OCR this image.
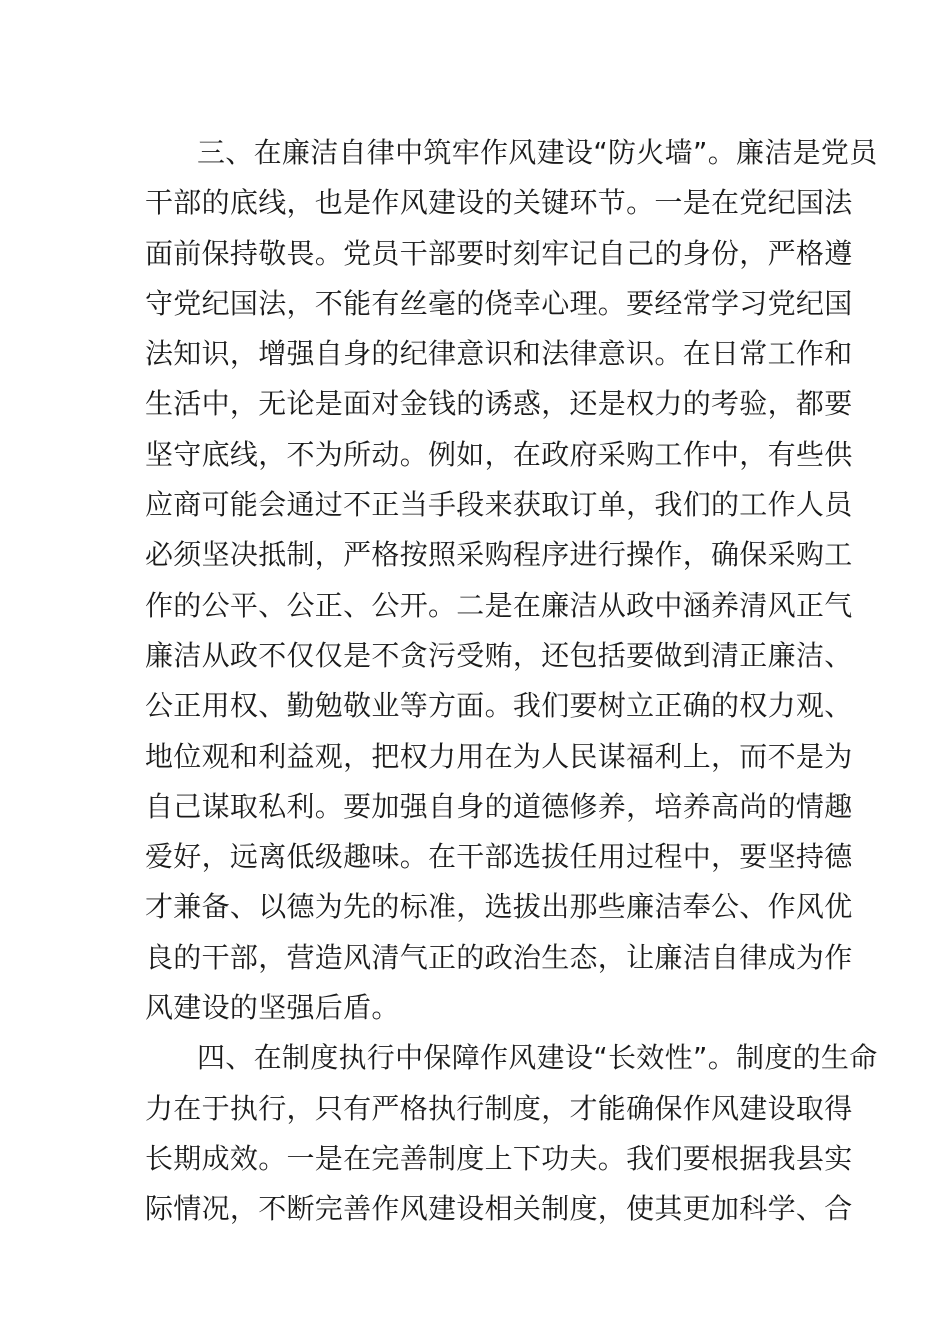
三、在廉洁自律中筑牢作风建设“防火墙”。廉洁是党员
干部的底线，也是作风建设的关键环节。一是在党纪国法
面前保持敬畏。党员干部要时刻牢记自己的身份，严格遵
守党纪国法，不能有丝毫的侥幸心理。要经常学习党纪国
法知识，增强自身的纪律意识和法律意识。在日常工作和
生活中，无论是面对金钱的诱惑，还是权力的考验，都要
坚守底线，不为所动。例如，在政府采购工作中，有些供
应商可能会通过不正当手段来获取订单，我们的工作人员
必须坚决抵制，严格按照采购程序进行操作，确保采购工
作的公平、公正、公开。二是在廉洁从政中涵养清风正气
廉洁从政不仅仅是不贪污受贿，还包括要做到清正廉洁、
公正用权、勤勉敬业等方面。我们要树立正确的权力观、
地位观和利益观，把权力用在为人民谋福利上，而不是为
自己谋取私利。要加强自身的道德修养，培养高尚的情趣
爱好，远离低级趣味。在干部选拔任用过程中，要坚持德
才兼备、以德为先的标准，选拔出那些廉洁奉公、作风优
良的干部，营造风清气正的政治生态，让廉洁自律成为作
风建设的坚强后盾。
四、在制度执行中保障作风建设“长效性”。制度的生命
力在于执行，只有严格执行制度，才能确保作风建设取得
长期成效。一是在完善制度上下功夫。我们要根据我县实
际情况，不断完善作风建设相关制度，使其更加科学、合
